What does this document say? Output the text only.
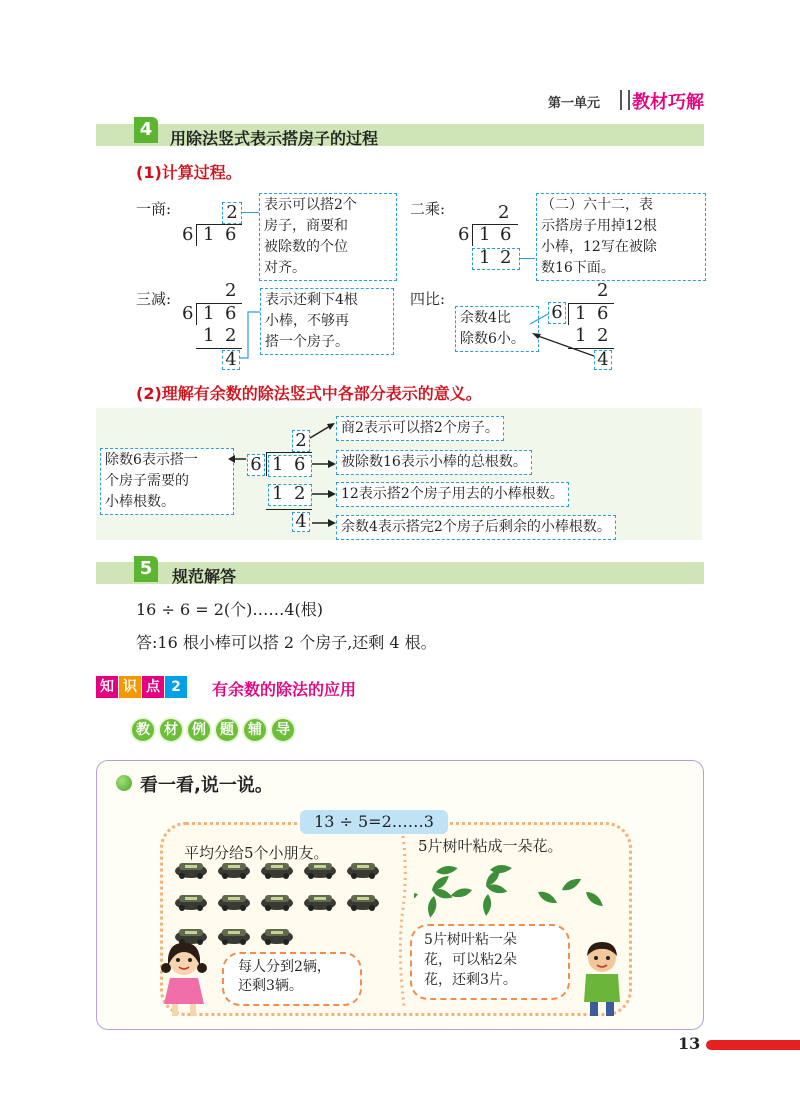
第一单元 教材巧解
4	用除法竖式表示搭房子的过程
(1)计算过程。
一商:	2
6 1 6
表示可以搭2个
房子，商要和
被除数的个位
对齐。
二乘:	2
6 1 6
1 2
（二）六十二，表
示搭房子用掉12根
小棒，12写在被除
数16下面。
三减:	2
6 1 6
1 2
4
表示还剩下4根
小棒，不够再
搭一个房子。
四比:
余数4比
除数6小。
2
6 1 6
1 2
4
(2)理解有余数的除法竖式中各部分表示的意义。
除数6表示搭一
个房子需要的
小棒根数。
6
2
1 6
1 2
4
商2表示可以搭2个房子。
被除数16表示小棒的总根数。
12表示搭2个房子用去的小棒根数。
余数4表示搭完2个房子后剩余的小棒根数。
5	规范解答
16 ÷ 6 = 2(个)……4(根)
答:16 根小棒可以搭 2 个房子,还剩 4 根。
知 识 点 2	有余数的除法的应用
教	材	例	题	辅	导
看一看,说一说。
13 ÷ 5=2……3
平均分给5个小朋友。	5片树叶粘成一朵花。
每人分到2辆，
还剩3辆。
5片树叶粘一朵
花，可以粘2朵
花，还剩3片。
13
